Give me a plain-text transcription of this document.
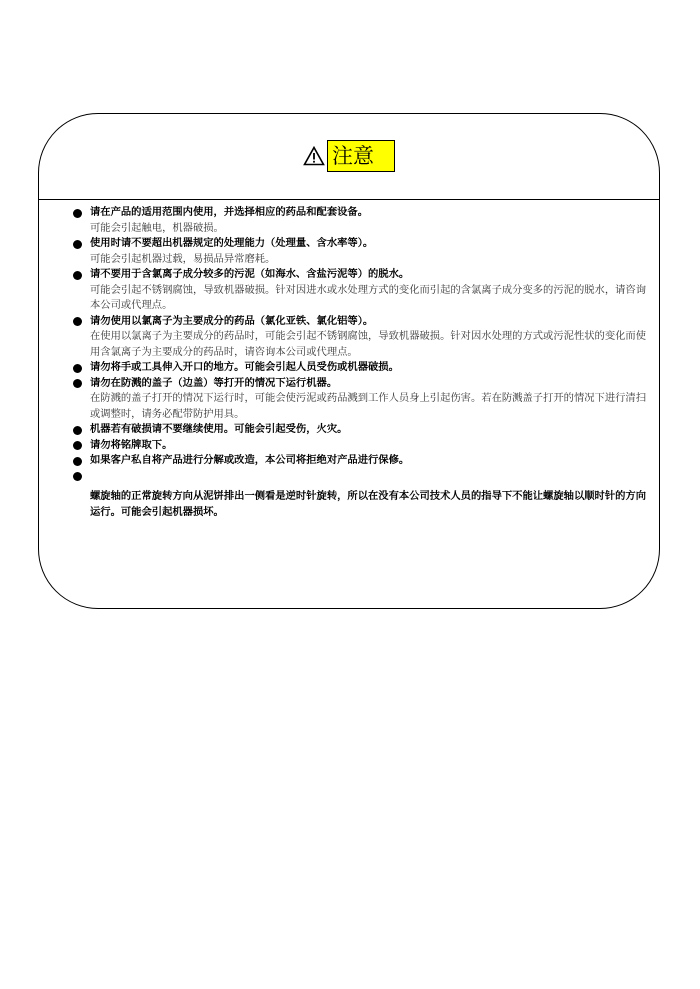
注意
请在产品的适用范围内使用，并选择相应的药品和配套设备。
可能会引起触电，机器破损。
使用时请不要超出机器规定的处理能力（处理量、含水率等）。
可能会引起机器过载，易损品异常磨耗。
请不要用于含氯离子成分较多的污泥（如海水、含盐污泥等）的脱水。
可能会引起不锈钢腐蚀，导致机器破损。针对因进水或水处理方式的变化而引起的含氯离子成分变多的污泥的脱水，请咨询本公司或代理点。
请勿使用以氯离子为主要成分的药品（氯化亚铁、氯化铝等）。
在使用以氯离子为主要成分的药品时，可能会引起不锈钢腐蚀，导致机器破损。针对因水处理的方式或污泥性状的变化而使用含氯离子为主要成分的药品时，请咨询本公司或代理点。
请勿将手或工具伸入开口的地方。可能会引起人员受伤或机器破损。
请勿在防溅的盖子（边盖）等打开的情况下运行机器。
在防溅的盖子打开的情况下运行时，可能会使污泥或药品溅到工作人员身上引起伤害。若在防溅盖子打开的情况下进行清扫或调整时，请务必配带防护用具。
机器若有破损请不要继续使用。可能会引起受伤，火灾。
请勿将铭牌取下。
如果客户私自将产品进行分解或改造，本公司将拒绝对产品进行保修。
螺旋轴的正常旋转方向从泥饼排出一侧看是逆时针旋转，所以在没有本公司技术人员的指导下不能让螺旋轴以顺时针的方向运行。可能会引起机器损坏。
